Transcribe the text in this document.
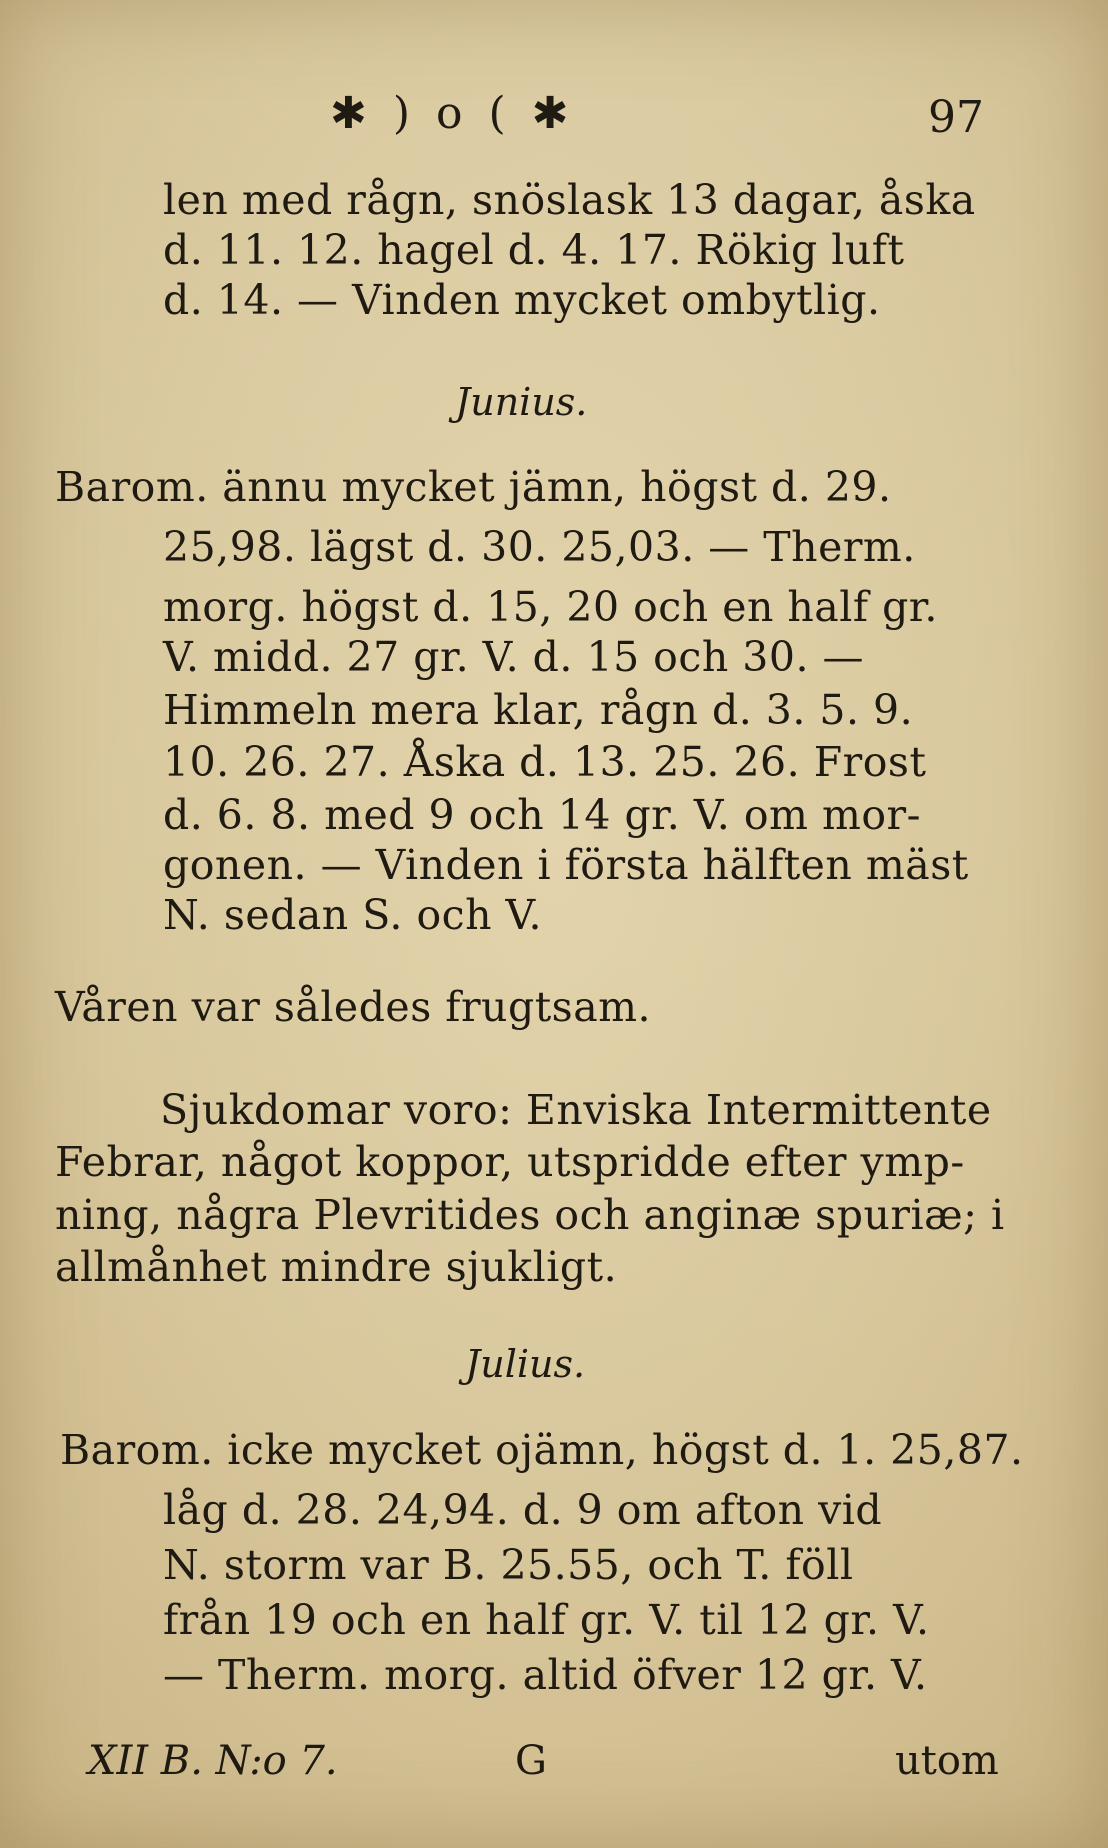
✱ ) o ( ✱	97
len med rågn, snöslask 13 dagar, åska
d. 11. 12. hagel d. 4. 17. Rökig luft
d. 14. — Vinden mycket ombytlig.
Junius.
Barom. ännu mycket jämn, högst d. 29.
25,98. lägst d. 30. 25,03. — Therm.
morg. högst d. 15, 20 och en half gr.
V. midd. 27 gr. V. d. 15 och 30. —
Himmeln mera klar, rågn d. 3. 5. 9.
10. 26. 27. Åska d. 13. 25. 26. Frost
d. 6. 8. med 9 och 14 gr. V. om mor-
gonen. — Vinden i första hälften mäst
N. sedan S. och V.
Våren var således frugtsam.
Sjukdomar voro: Enviska Intermittente
Febrar, något koppor, utspridde efter ymp-
ning, några Plevritides och anginæ spuriæ; i
allmånhet mindre sjukligt.
Julius.
Barom. icke mycket ojämn, högst d. 1. 25,87.
låg d. 28. 24,94. d. 9 om afton vid
N. storm var B. 25.55, och T. föll
från 19 och en half gr. V. til 12 gr. V.
— Therm. morg. altid öfver 12 gr. V.
XII B. N:o 7.	G	utom
